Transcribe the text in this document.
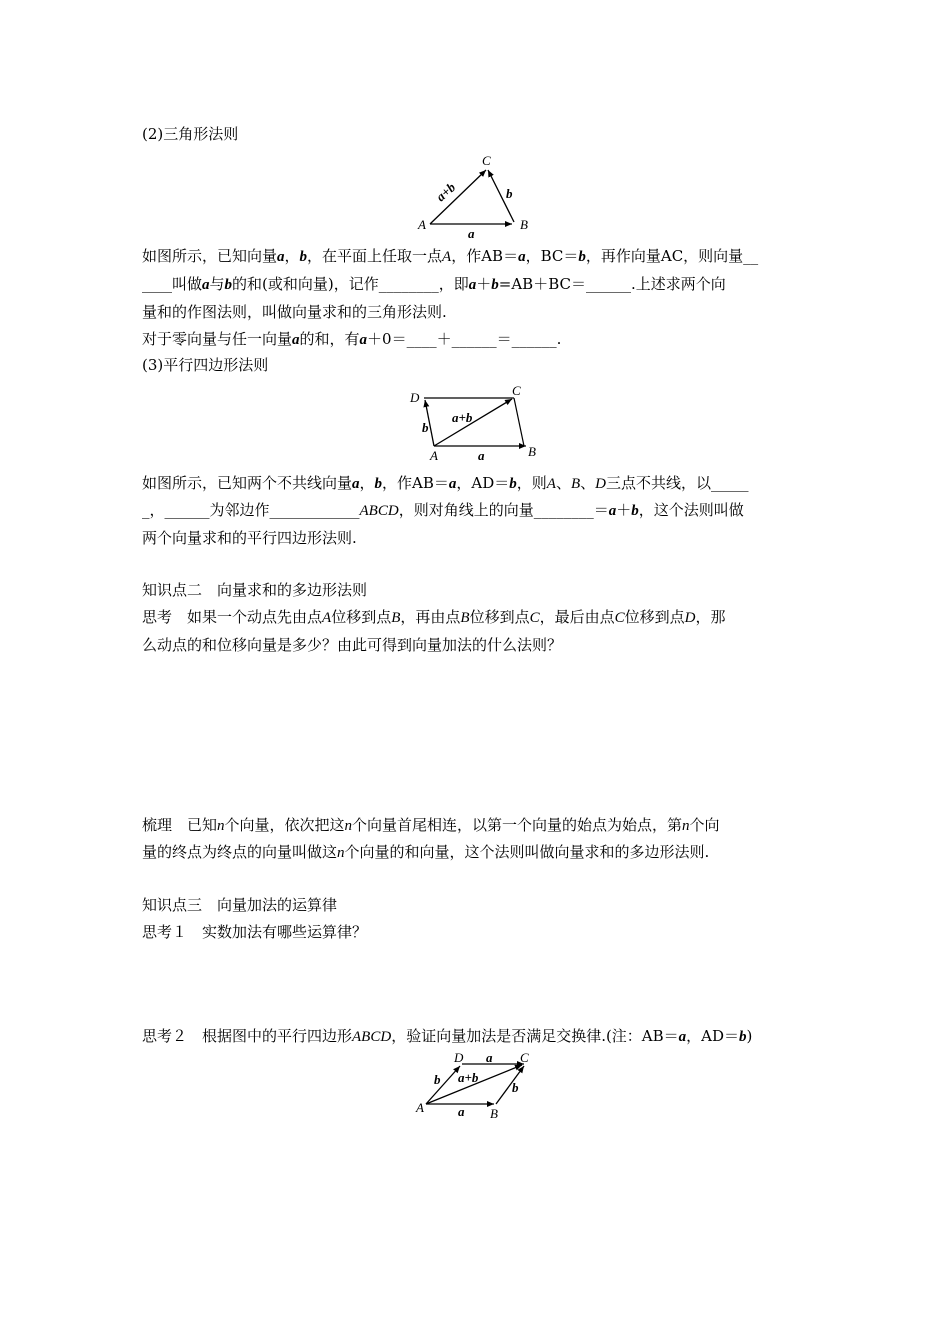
(2)三角形法则
A	B
C
a
b
a+b
如图所示，已知向量a，b，在平面上任取一点A，作AB＝a，BC＝b，再作向量AC，则向量__
____叫做a与b的和(或和向量)，记作________，即a＋b=AB＋BC＝______.上述求两个向
量和的作图法则，叫做向量求和的三角形法则.
对于零向量与任一向量a的和，有a＋0＝____＋______＝______.
(3)平行四边形法则
A	B
C
D
a
b
a+b
如图所示，已知两个不共线向量a，b，作AB＝a，AD＝b，则A、B、D三点不共线，以_____
_，______为邻边作____________ABCD，则对角线上的向量________＝a＋b，这个法则叫做
两个向量求和的平行四边形法则.
知识点二　向量求和的多边形法则
思考　如果一个动点先由点A位移到点B，再由点B位移到点C，最后由点C位移到点D，那
么动点的和位移向量是多少？由此可得到向量加法的什么法则？
梳理　已知n个向量，依次把这n个向量首尾相连，以第一个向量的始点为始点，第n个向
量的终点为终点的向量叫做这n个向量的和向量，这个法则叫做向量求和的多边形法则.
知识点三　向量加法的运算律
思考１　实数加法有哪些运算律？
思考２　根据图中的平行四边形ABCD，验证向量加法是否满足交换律.(注：AB＝a，AD＝b)
A	B
C
D a
a
b
b
a+b
